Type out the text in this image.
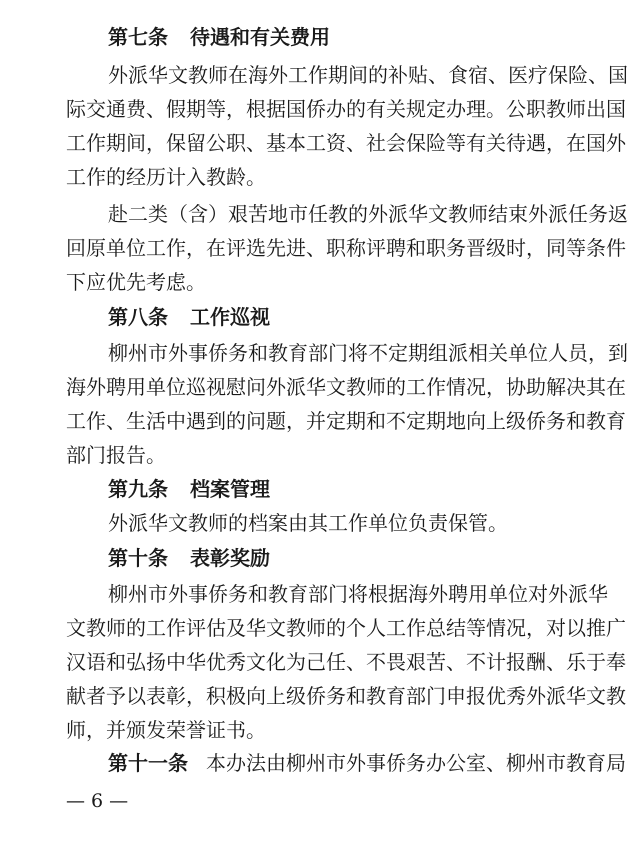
第七条 待遇和有关费用
外派华文教师在海外工作期间的补贴、食宿、医疗保险、国
际交通费、假期等，根据国侨办的有关规定办理。公职教师出国
工作期间，保留公职、基本工资、社会保险等有关待遇，在国外
工作的经历计入教龄。
赴二类（含）艰苦地市任教的外派华文教师结束外派任务返
回原单位工作，在评选先进、职称评聘和职务晋级时，同等条件
下应优先考虑。
第八条 工作巡视
柳州市外事侨务和教育部门将不定期组派相关单位人员，到
海外聘用单位巡视慰问外派华文教师的工作情况，协助解决其在
工作、生活中遇到的问题，并定期和不定期地向上级侨务和教育
部门报告。
第九条 档案管理
外派华文教师的档案由其工作单位负责保管。
第十条 表彰奖励
柳州市外事侨务和教育部门将根据海外聘用单位对外派华
文教师的工作评估及华文教师的个人工作总结等情况，对以推广
汉语和弘扬中华优秀文化为己任、不畏艰苦、不计报酬、乐于奉
献者予以表彰，积极向上级侨务和教育部门申报优秀外派华文教
师，并颁发荣誉证书。
第十一条 本办法由柳州市外事侨务办公室、柳州市教育局
— 6 —
